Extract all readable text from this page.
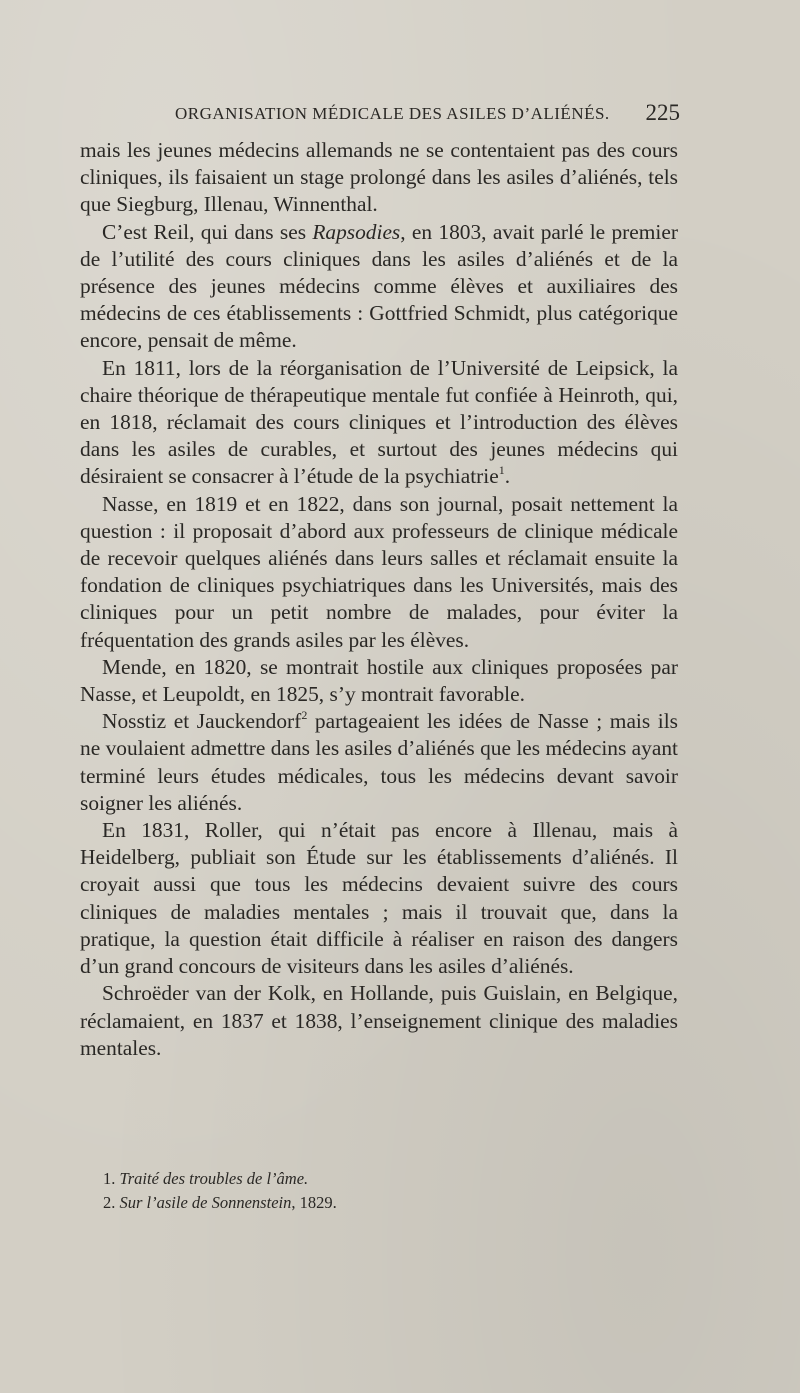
ORGANISATION MÉDICALE DES ASILES D’ALIÉNÉS. 225

mais les jeunes médecins allemands ne se contentaient pas des cours cliniques, ils faisaient un stage prolongé dans les asiles d’aliénés, tels que Siegburg, Illenau, Winnenthal.

C’est Reil, qui dans ses Rapsodies, en 1803, avait parlé le premier de l’utilité des cours cliniques dans les asiles d’aliénés et de la présence des jeunes médecins comme élèves et auxiliaires des médecins de ces établissements : Gottfried Schmidt, plus catégorique encore, pensait de même.

En 1811, lors de la réorganisation de l’Université de Leipsick, la chaire théorique de thérapeutique mentale fut confiée à Heinroth, qui, en 1818, réclamait des cours cliniques et l’introduction des élèves dans les asiles de curables, et surtout des jeunes médecins qui désiraient se consacrer à l’étude de la psychiatrie$^1$.

Nasse, en 1819 et en 1822, dans son journal, posait nettement la question : il proposait d’abord aux professeurs de clinique médicale de recevoir quelques aliénés dans leurs salles et réclamait ensuite la fondation de cliniques psychiatriques dans les Universités, mais des cliniques pour un petit nombre de malades, pour éviter la fréquentation des grands asiles par les élèves.

Mende, en 1820, se montrait hostile aux cliniques proposées par Nasse, et Leupoldt, en 1825, s’y montrait favorable.

Nosstiz et Jauckendorf$^2$ partageaient les idées de Nasse ; mais ils ne voulaient admettre dans les asiles d’aliénés que les médecins ayant terminé leurs études médicales, tous les médecins devant savoir soigner les aliénés.

En 1831, Roller, qui n’était pas encore à Illenau, mais à Heidelberg, publiait son Étude sur les établissements d’aliénés. Il croyait aussi que tous les médecins devaient suivre des cours cliniques de maladies mentales ; mais il trouvait que, dans la pratique, la question était difficile à réaliser en raison des dangers d’un grand concours de visiteurs dans les asiles d’aliénés.

Schroëder van der Kolk, en Hollande, puis Guislain, en Belgique, réclamaient, en 1837 et 1838, l’enseignement clinique des maladies mentales.

1. Traité des troubles de l’âme.
2. Sur l’asile de Sonnenstein, 1829.
